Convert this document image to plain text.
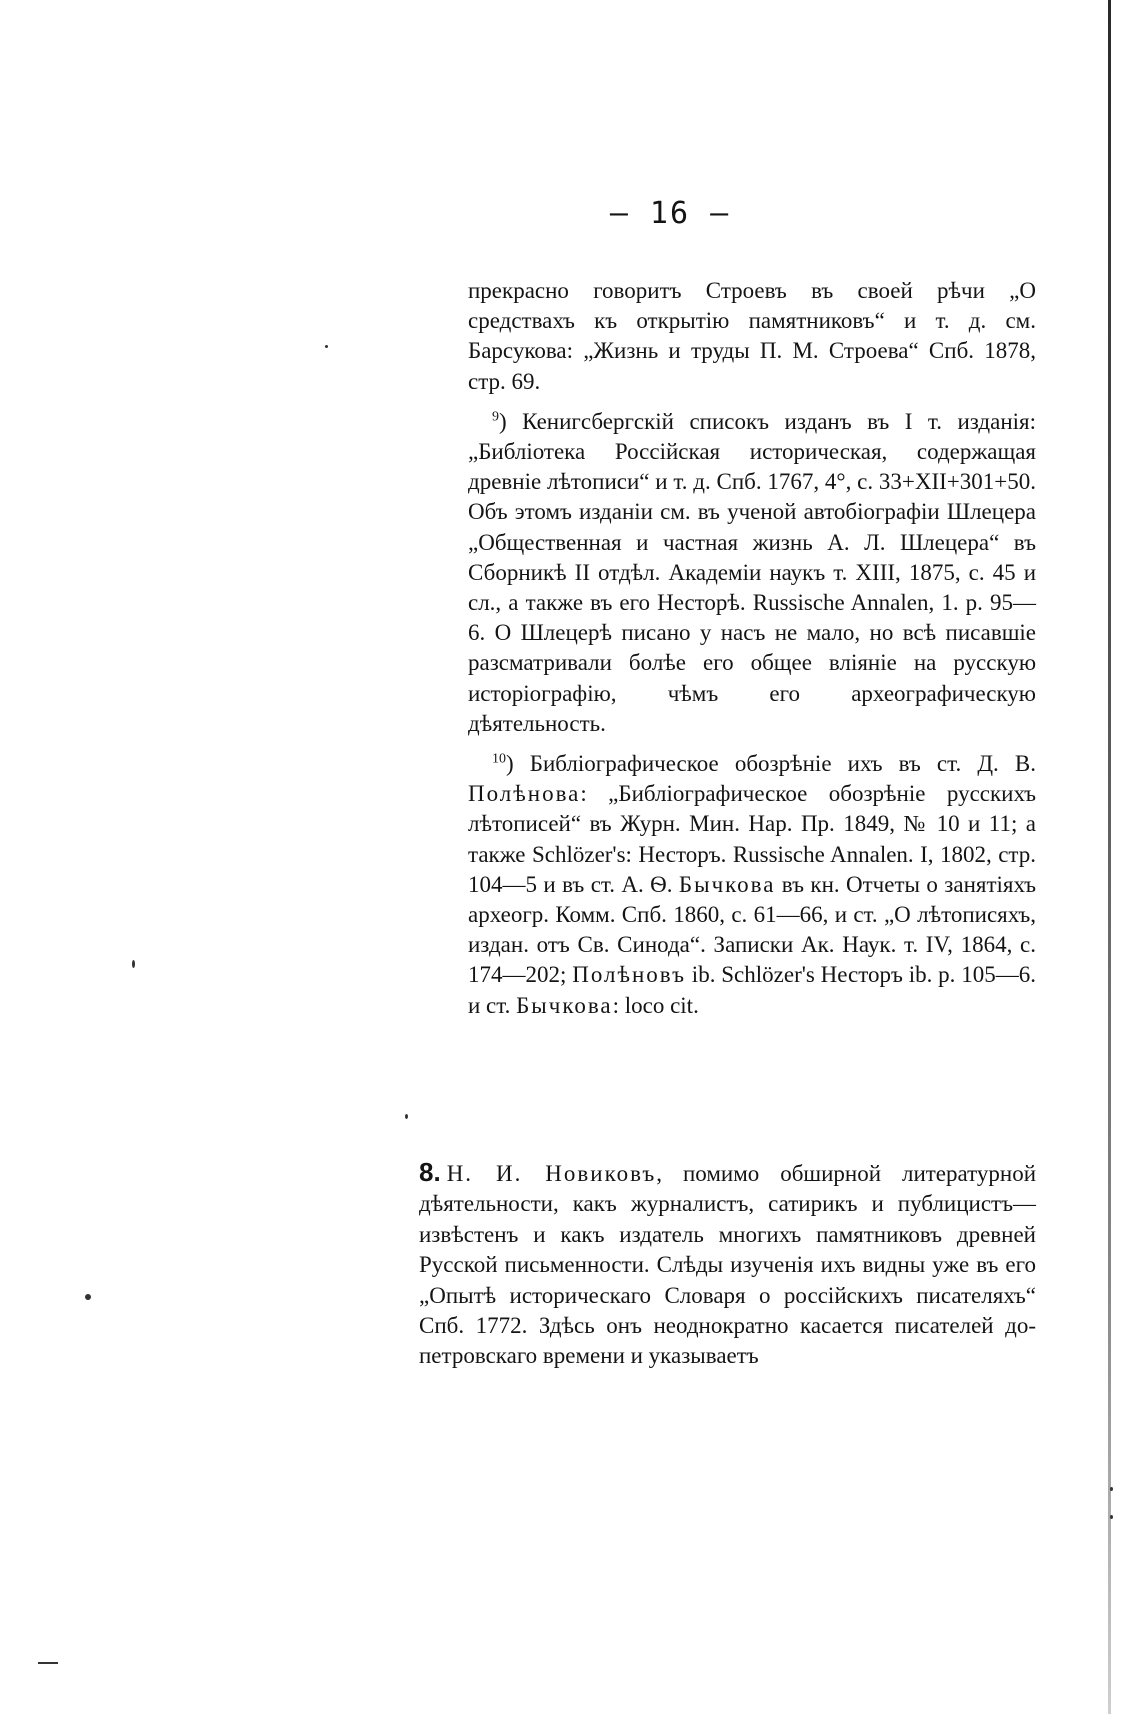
— 16 —

прекрасно говоритъ Строевъ въ своей рѣчи „О средствахъ къ открытію памятниковъ“ и т. д. см. Барсукова: „Жизнь и труды П. М. Строева“ Спб. 1878, стр. 69.

$^9$) Кенигсбергскій списокъ изданъ въ I т. изданія: „Библіотека Россійская историческая, содержащая древніе лѣтописи“ и т. д. Спб. 1767, 4°, с. 33+XII+301+50. Объ этомъ изданіи см. въ ученой автобіографіи Шлецера „Общественная и частная жизнь А. Л. Шлецера“ въ Сборникѣ II отдѣл. Академіи наукъ т. XIII, 1875, с. 45 и сл., а также въ его Несторѣ. Russische Annalen, 1. p. 95—6. О Шлецерѣ писано у насъ не мало, но всѣ писавшіе разсматривали болѣе его общее вліяніе на русскую исторіографію, чѣмъ его археографическую дѣятельность.

$^{10}$) Библіографическое обозрѣніе ихъ въ ст. Д. В. Полѣнова: „Библіографическое обозрѣніе русскихъ лѣтописей“ въ Журн. Мин. Нар. Пр. 1849, № 10 и 11; а также Schlözer's: Несторъ. Russische Annalen. I, 1802, стр. 104—5 и въ ст. А. Ѳ. Бычкова въ кн. Отчеты о занятіяхъ археогр. Комм. Спб. 1860, с. 61—66, и ст. „О лѣтописяхъ, издан. отъ Св. Синода“. Записки Ак. Наук. т. IV, 1864, с. 174—202; Полѣновъ ib. Schlözer's Несторъ ib. p. 105—6. и ст. Бычкова: loco cit.

8. Н. И. Новиковъ, помимо обширной литературной дѣятельности, какъ журналистъ, сатирикъ и публицистъ—извѣстенъ и какъ издатель многихъ памятниковъ древней Русской письменности. Слѣды изученія ихъ видны уже въ его „Опытѣ историческаго Словаря о россійскихъ писателяхъ“ Спб. 1772. Здѣсь онъ неоднократно касается писателей до-петровскаго времени и указываетъ
